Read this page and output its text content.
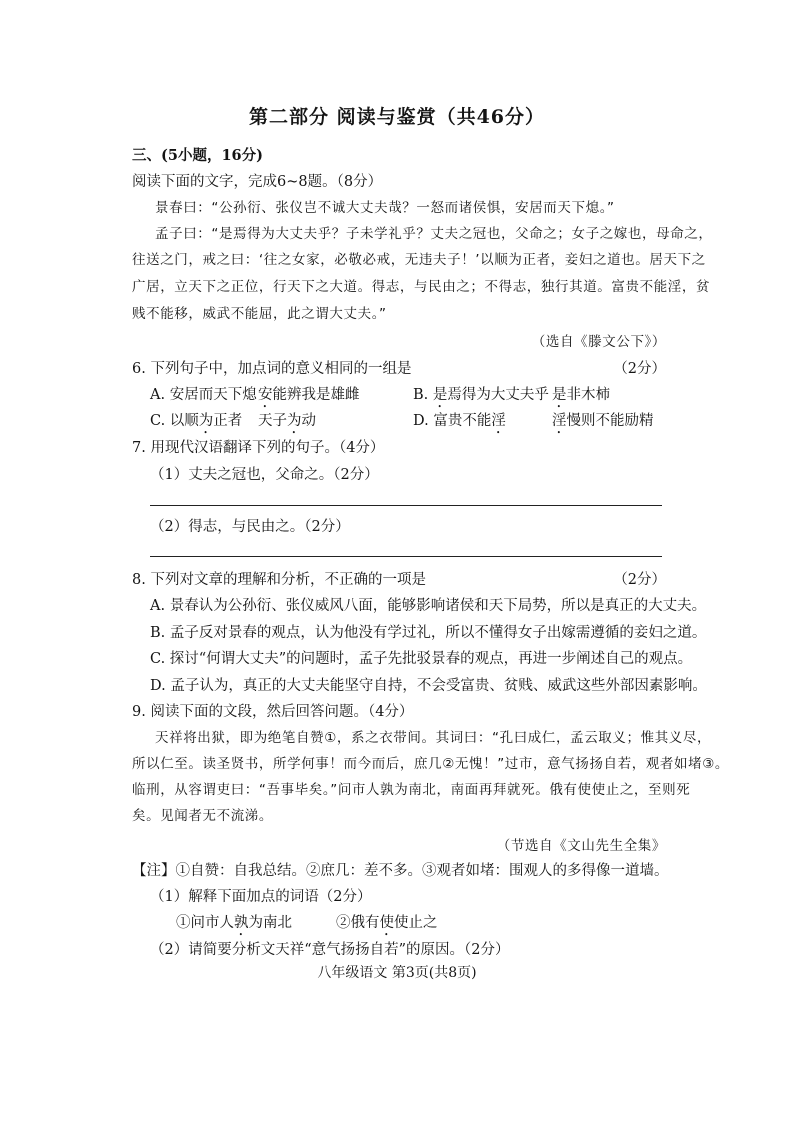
第二部分 阅读与鉴赏（共46分）
三、(5小题，16分)
阅读下面的文字，完成6~8题。（8分）
景春曰：“公孙衍、张仪岂不诚大丈夫哉？一怒而诸侯惧，安居而天下熄。”
孟子曰：“是焉得为大丈夫乎？子未学礼乎？丈夫之冠也，父命之；女子之嫁也，母命之，
往送之门，戒之曰：‘往之女家，必敬必戒，无违夫子！’以顺为正者，妾妇之道也。居天下之
广居，立天下之正位，行天下之大道。得志，与民由之；不得志，独行其道。富贵不能淫，贫
贱不能移，威武不能屈，此之谓大丈夫。”
（选自《滕文公下》）
6. 下列句子中，加点词的意义相同的一组是	（2分）
A. 安居而天下熄 安能辨我是雄雌	B. 是焉得为大丈夫乎 是非木柿
C. 以顺为正者 天子为动	D. 富贵不能淫	淫慢则不能励精
7. 用现代汉语翻译下列的句子。（4分）
（1）丈夫之冠也，父命之。（2分）
（2）得志，与民由之。（2分）
8. 下列对文章的理解和分析，不正确的一项是	（2分）
A. 景春认为公孙衍、张仪威风八面，能够影响诸侯和天下局势，所以是真正的大丈夫。
B. 孟子反对景春的观点，认为他没有学过礼，所以不懂得女子出嫁需遵循的妾妇之道。
C. 探讨“何谓大丈夫”的问题时，孟子先批驳景春的观点，再进一步阐述自己的观点。
D. 孟子认为，真正的大丈夫能坚守自持，不会受富贵、贫贱、威武这些外部因素影响。
9. 阅读下面的文段，然后回答问题。（4分）
天祥将出狱，即为绝笔自赞①，系之衣带间。其词曰：“孔曰成仁，孟云取义；惟其义尽，
所以仁至。读圣贤书，所学何事！而今而后，庶几②无愧！”过市，意气扬扬自若，观者如堵③。
临刑，从容谓吏曰：“吾事毕矣。”问市人孰为南北，南面再拜就死。俄有使使止之，至则死
矣。见闻者无不流涕。
（节选自《文山先生全集》
【注】①自赞：自我总结。②庶几：差不多。③观者如堵：围观人的多得像一道墙。
（1）解释下面加点的词语（2分）
①问市人孰为南北	②俄有使使止之
（2）请简要分析文天祥“意气扬扬自若”的原因。（2分）
八年级语文 第3页(共8页)
